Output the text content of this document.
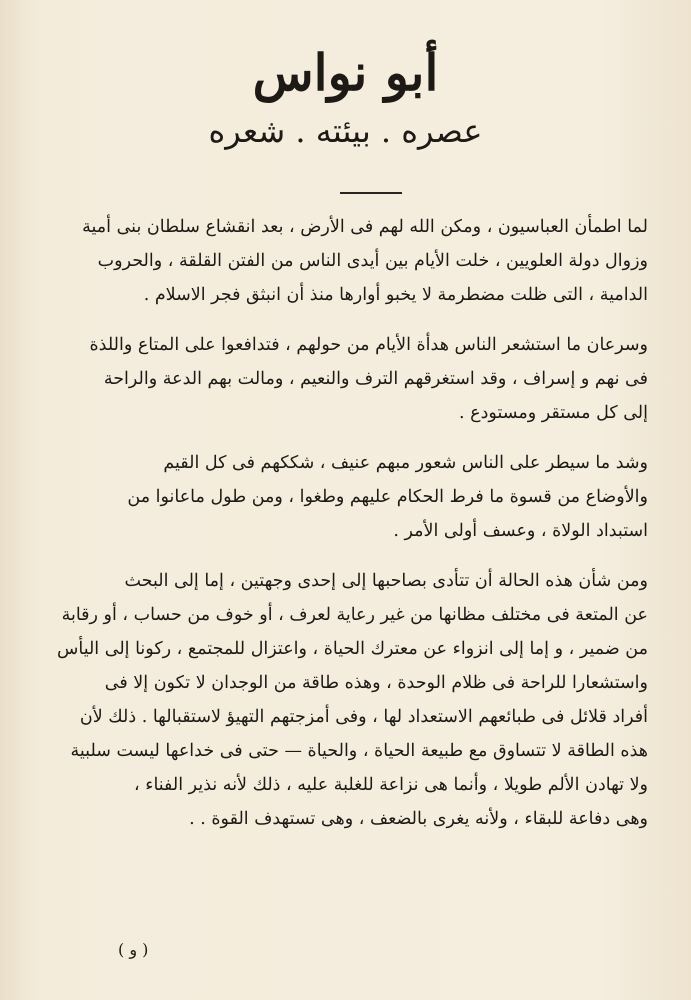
أبو نواس
عصره . بيئته . شعره

لما اطمأن العباسيون ، ومكن الله لهم فى الأرض ، بعد انقشاع سلطان بنى أمية
وزوال دولة العلويين ، خلت الأيام بين أيدى الناس من الفتن القلقة ، والحروب
الدامية ، التى ظلت مضطرمة لا يخبو أوارها منذ أن انبثق فجر الاسلام .

وسرعان ما استشعر الناس هدأة الأيام من حولهم ، فتدافعوا على المتاع واللذة
فى نهم و إسراف ، وقد استغرقهم الترف والنعيم ، ومالت بهم الدعة والراحة
إلى كل مستقر ومستودع .

وشد ما سيطر على الناس شعور مبهم عنيف ، شككهم فى كل القيم
والأوضاع من قسوة ما فرط الحكام عليهم وطغوا ، ومن طول ماعانوا من
استبداد الولاة ، وعسف أولى الأمر .

ومن شأن هذه الحالة أن تتأدى بصاحبها إلى إحدى وجهتين ، إما إلى البحث
عن المتعة فى مختلف مظانها من غير رعاية لعرف ، أو خوف من حساب ، أو رقابة
من ضمير ، و إما إلى انزواء عن معترك الحياة ، واعتزال للمجتمع ، ركونا إلى اليأس
واستشعارا للراحة فى ظلام الوحدة ، وهذه طاقة من الوجدان لا تكون إلا فى
أفراد قلائل فى طبائعهم الاستعداد لها ، وفى أمزجتهم التهيؤ لاستقبالها . ذلك لأن
هذه الطاقة لا تتساوق مع طبيعة الحياة ، والحياة — حتى فى خداعها ليست سلبية
ولا تهادن الألم طويلا ، وأنما هى نزاعة للغلبة عليه ، ذلك لأنه نذير الفناء ،
وهى دفاعة للبقاء ، ولأنه يغرى بالضعف ، وهى تستهدف القوة . .

( و )
